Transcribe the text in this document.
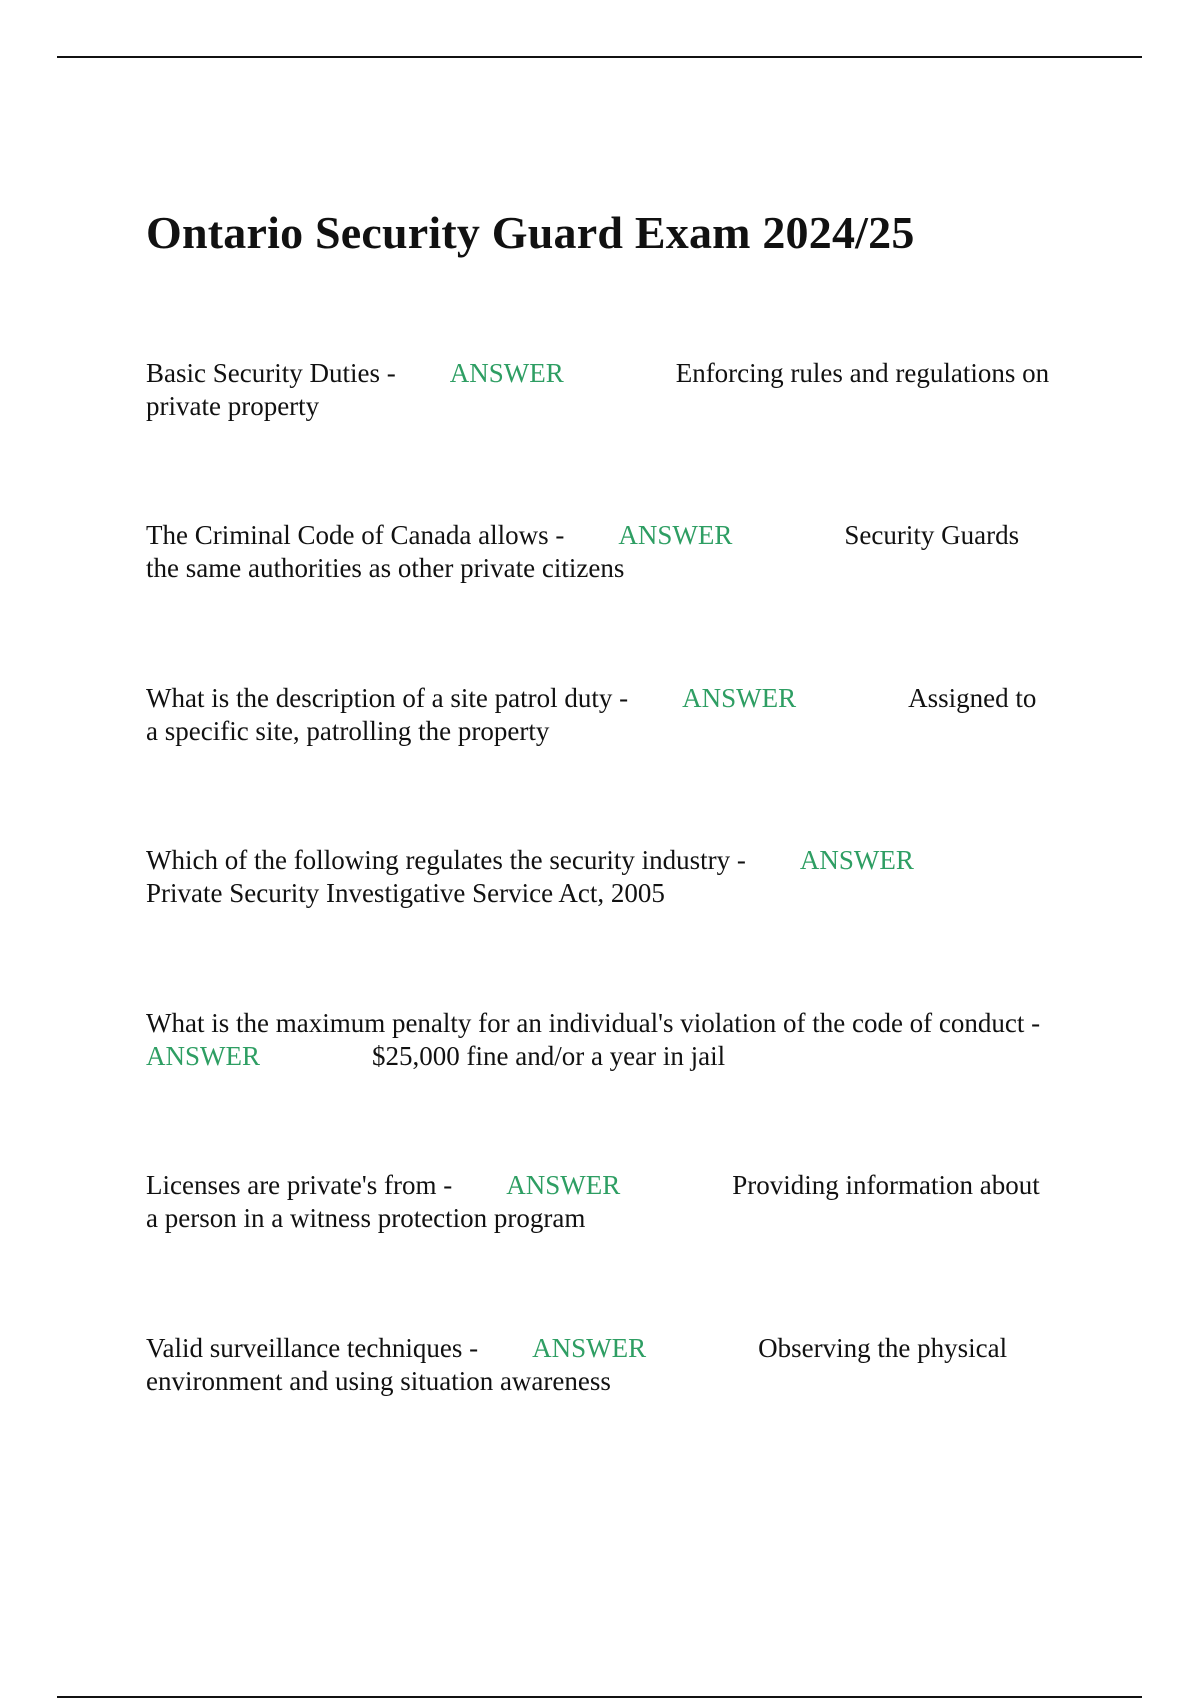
Ontario Security Guard Exam 2024/25
Basic Security Duties - ANSWER	Enforcing rules and regulations on
private property
The Criminal Code of Canada allows - ANSWER	Security Guards
the same authorities as other private citizens
What is the description of a site patrol duty - ANSWER	Assigned to
a specific site, patrolling the property
Which of the following regulates the security industry - ANSWER
Private Security Investigative Service Act, 2005
What is the maximum penalty for an individual's violation of the code of conduct -
ANSWER	$25,000 fine and/or a year in jail
Licenses are private's from - ANSWER	Providing information about
a person in a witness protection program
Valid surveillance techniques - ANSWER	Observing the physical
environment and using situation awareness
